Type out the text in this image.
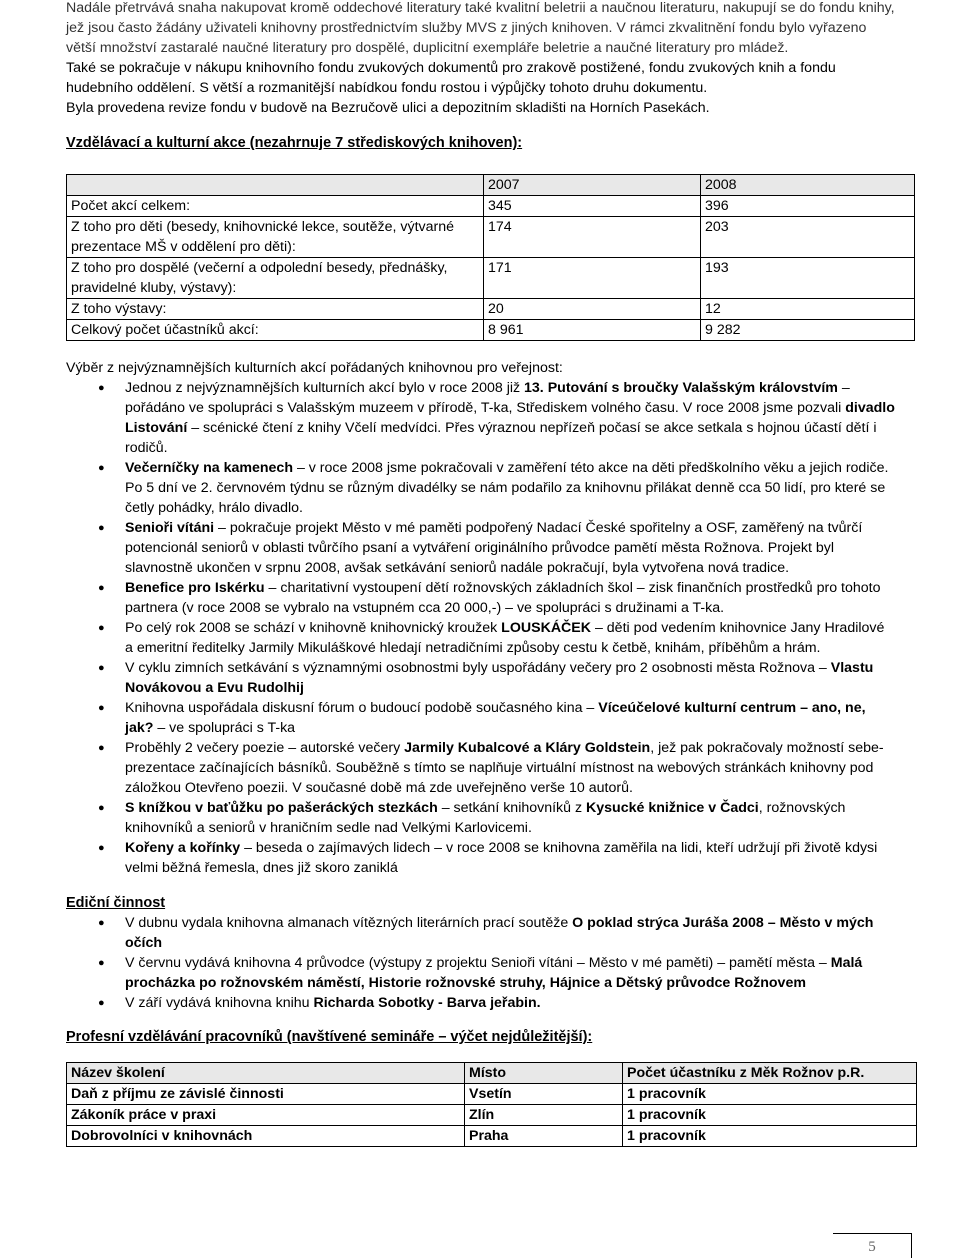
Nadále přetrvává snaha nakupovat kromě oddechové literatury také kvalitní beletrii a naučnou literaturu, nakupují se do fondu knihy, jež jsou často žádány uživateli knihovny prostřednictvím služby MVS z jiných knihoven. V rámci zkvalitnění fondu bylo vyřazeno větší množství zastaralé naučné literatury pro dospělé, duplicitní exempláře beletrie a naučné literatury pro mládež.

Také se pokračuje v nákupu knihovního fondu zvukových dokumentů pro zrakově postižené, fondu zvukových knih a fondu hudebního oddělení. S větší a rozmanitější nabídkou fondu rostou i výpůjčky tohoto druhu dokumentu.

Byla provedena revize fondu v budově na Bezručově ulici a depozitním skladišti na Horních Pasekách.

Vzdělávací a kulturní akce (nezahrnuje 7 střediskových knihoven):
	2007	2008
Počet akcí celkem:	345	396
Z toho pro děti (besedy, knihovnické lekce, soutěže, výtvarné prezentace MŠ v oddělení pro děti):	174	203
Z toho pro dospělé (večerní a odpolední besedy, přednášky, pravidelné kluby, výstavy):	171	193
Z toho výstavy:	20	12
Celkový počet účastníků akcí:	8 961	9 282

Výběr z nejvýznamnějších kulturních akcí pořádaných knihovnou pro veřejnost:

● Jednou z nejvýznamnějších kulturních akcí bylo v roce 2008 již 13. Putování s broučky Valašským královstvím – pořádáno ve spolupráci s Valašským muzeem v přírodě, T-ka, Střediskem volného času. V roce 2008 jsme pozvali divadlo Listování – scénické čtení z knihy Včelí medvídci. Přes výraznou nepřízeň počasí se akce setkala s hojnou účastí dětí i rodičů.
● Večerníčky na kamenech – v roce 2008 jsme pokračovali v zaměření této akce na děti předškolního věku a jejich rodiče. Po 5 dní ve 2. červnovém týdnu se různým divadélky se nám podařilo za knihovnu přilákat denně cca 50 lidí, pro které se četly pohádky, hrálo divadlo.
● Senioři vítáni – pokračuje projekt Město v mé paměti podpořený Nadací České spořitelny a OSF, zaměřený na tvůrčí potencionál seniorů v oblasti tvůrčího psaní a vytváření originálního průvodce pamětí města Rožnova. Projekt byl slavnostně ukončen v srpnu 2008, avšak setkávání seniorů nadále pokračují, byla vytvořena nová tradice.
● Benefice pro Iskérku – charitativní vystoupení dětí rožnovských základních škol – zisk finančních prostředků pro tohoto partnera (v roce 2008 se vybralo na vstupném cca 20 000,-) – ve spolupráci s družinami a T-ka.
● Po celý rok 2008 se schází v knihovně knihovnický kroužek LOUSKÁČEK – děti pod vedením knihovnice Jany Hradilové a emeritní ředitelky Jarmily Mikuláškové hledají netradičními způsoby cestu k četbě, knihám, příběhům a hrám.
● V cyklu zimních setkávání s významnými osobnostmi byly uspořádány večery pro 2 osobnosti města Rožnova – Vlastu Novákovou a Evu Rudolhij
● Knihovna uspořádala diskusní fórum o budoucí podobě současného kina – Víceúčelové kulturní centrum – ano, ne, jak? – ve spolupráci s T-ka
● Proběhly 2 večery poezie – autorské večery Jarmily Kubalcové a Kláry Goldstein, jež pak pokračovaly možností sebe-prezentace začínajících básníků. Souběžně s tímto se naplňuje virtuální místnost na webových stránkách knihovny pod záložkou Otevřeno poezii. V současné době má zde uveřejněno verše 10 autorů.
● S knížkou v baťůžku po pašeráckých stezkách – setkání knihovníků z Kysucké knižnice v Čadci, rožnovských knihovníků a seniorů v hraničním sedle nad Velkými Karlovicemi.
● Kořeny a kořínky – beseda o zajímavých lidech – v roce 2008 se knihovna zaměřila na lidi, kteří udržují při životě kdysi velmi běžná řemesla, dnes již skoro zaniklá
Ediční činnost
● V dubnu vydala knihovna almanach vítězných literárních prací soutěže O poklad strýca Juráša 2008 – Město v mých očích
● V červnu vydává knihovna 4 průvodce (výstupy z projektu Senioři vítáni – Město v mé paměti) – pamětí města – Malá procházka po rožnovském náměstí, Historie rožnovské struhy, Hájnice a Dětský průvodce Rožnovem
● V září vydává knihovna knihu Richarda Sobotky - Barva jeřabin.
Profesní vzdělávání pracovníků (navštívené semináře – výčet nejdůležitější):
Název školení	Místo	Počet účastníku z Měk Rožnov p.R.
Daň z příjmu ze závislé činnosti	Vsetín	1 pracovník
Zákoník práce v praxi	Zlín	1 pracovník
Dobrovolníci v knihovnách	Praha	1 pracovník
5
